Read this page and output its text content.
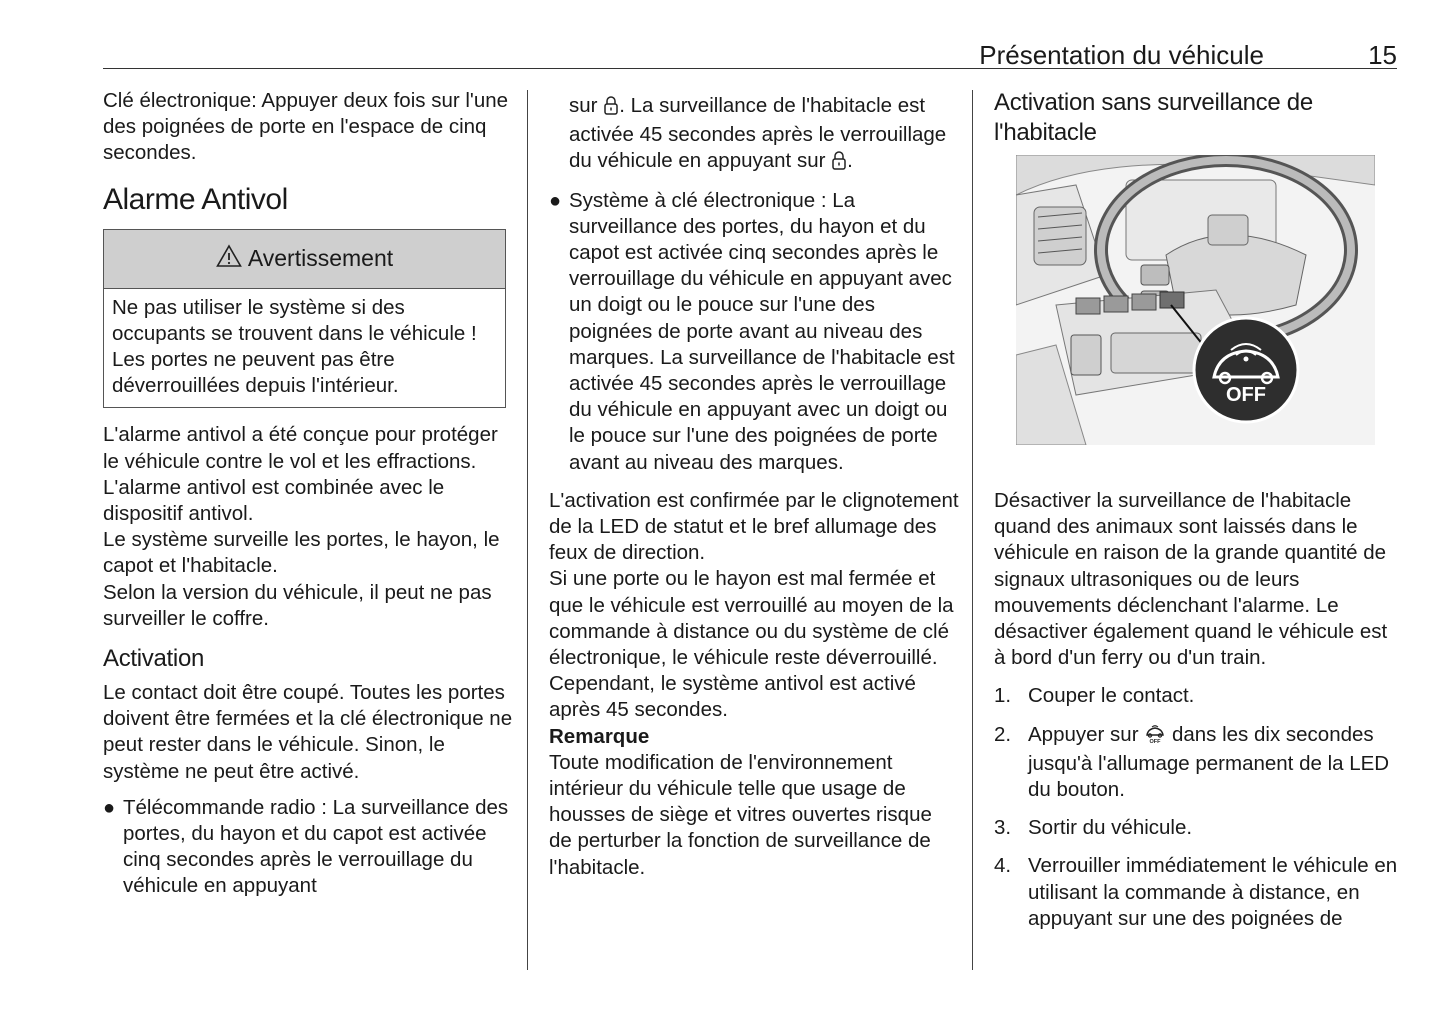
Présentation du véhicule	15

Clé électronique: Appuyer deux fois sur l'une des poignées de porte en l'espace de cinq secondes.

Alarme Antivol
Avertissement
Ne pas utiliser le système si des occupants se trouvent dans le véhicule ! Les portes ne peuvent pas être déverrouillées depuis l'intérieur.

L'alarme antivol a été conçue pour protéger le véhicule contre le vol et les effractions.

L'alarme antivol est combinée avec le dispositif antivol.

Le système surveille les portes, le hayon, le capot et l'habitacle.

Selon la version du véhicule, il peut ne pas surveiller le coffre.

Activation

Le contact doit être coupé. Toutes les portes doivent être fermées et la clé électronique ne peut rester dans le véhicule. Sinon, le système ne peut être activé.

● Télécommande radio : La surveillance des portes, du hayon et du capot est activée cinq secondes après le verrouillage du véhicule en appuyant
sur . La surveillance de l'habitacle est activée 45 secondes après le verrouillage du véhicule en appuyant sur .
● Système à clé électronique : La surveillance des portes, du hayon et du capot est activée cinq secondes après le verrouillage du véhicule en appuyant avec un doigt ou le pouce sur l'une des poignées de porte avant au niveau des marques. La surveillance de l'habitacle est activée 45 secondes après le verrouillage du véhicule en appuyant avec un doigt ou le pouce sur l'une des poignées de porte avant au niveau des marques.

L'activation est confirmée par le clignotement de la LED de statut et le bref allumage des feux de direction.

Si une porte ou le hayon est mal fermée et que le véhicule est verrouillé au moyen de la commande à distance ou du système de clé électronique, le véhicule reste déverrouillé. Cependant, le système antivol est activé après 45 secondes.

Remarque

Toute modification de l'environnement intérieur du véhicule telle que usage de housses de siège et vitres ouvertes risque de perturber la fonction de surveillance de l'habitacle.

Activation sans surveillance de l'habitacle
OFF

Désactiver la surveillance de l'habitacle quand des animaux sont laissés dans le véhicule en raison de la grande quantité de signaux ultrasoniques ou de leurs mouvements déclenchant l'alarme. Le désactiver également quand le véhicule est à bord d'un ferry ou d'un train.

1. Couper le contact.
2. Appuyer sur OFF dans les dix secondes jusqu'à l'allumage permanent de la LED du bouton.
3. Sortir du véhicule.
4. Verrouiller immédiatement le véhicule en utilisant la commande à distance, en appuyant sur une des poignées de
